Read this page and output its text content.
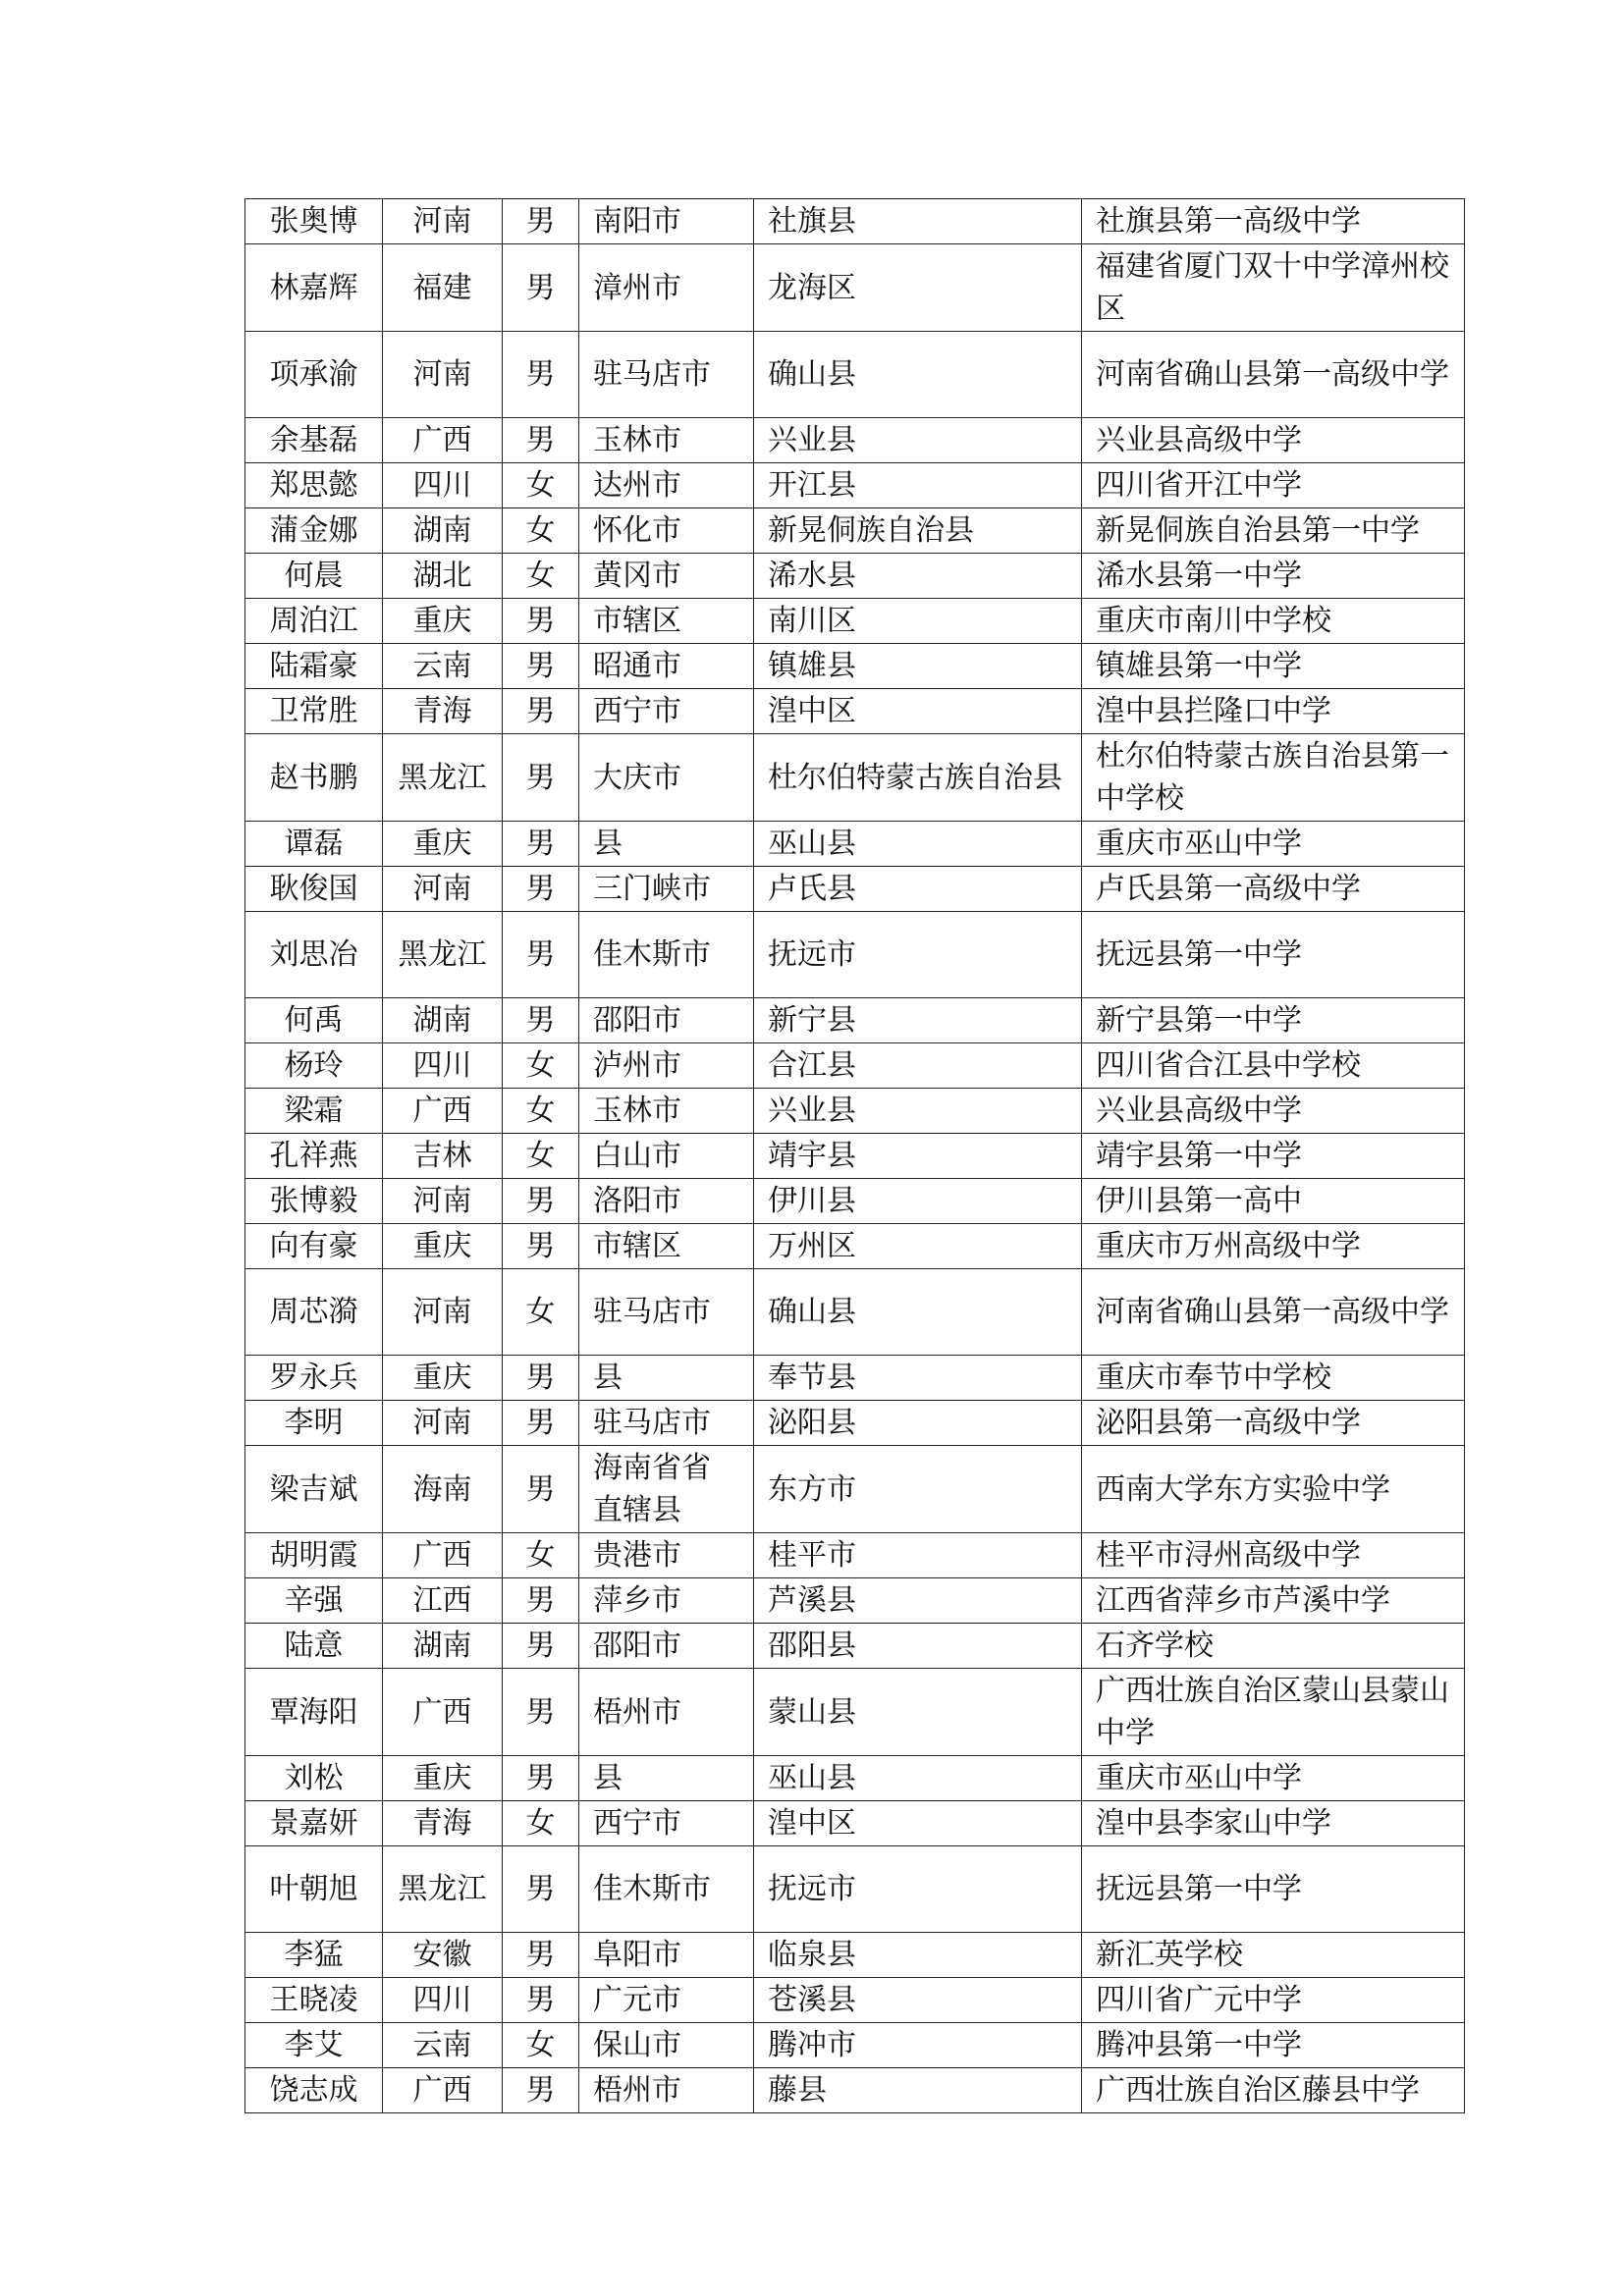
张奥博	河南	男	南阳市	社旗县	社旗县第一高级中学
林嘉辉	福建	男	漳州市	龙海区	福建省厦门双十中学漳州校区
项承渝	河南	男	驻马店市	确山县	河南省确山县第一高级中学
余基磊	广西	男	玉林市	兴业县	兴业县高级中学
郑思懿	四川	女	达州市	开江县	四川省开江中学
蒲金娜	湖南	女	怀化市	新晃侗族自治县	新晃侗族自治县第一中学
何晨	湖北	女	黄冈市	浠水县	浠水县第一中学
周泊江	重庆	男	市辖区	南川区	重庆市南川中学校
陆霜豪	云南	男	昭通市	镇雄县	镇雄县第一中学
卫常胜	青海	男	西宁市	湟中区	湟中县拦隆口中学
赵书鹏	黑龙江	男	大庆市	杜尔伯特蒙古族自治县	杜尔伯特蒙古族自治县第一中学校
谭磊	重庆	男	县	巫山县	重庆市巫山中学
耿俊国	河南	男	三门峡市	卢氏县	卢氏县第一高级中学
刘思冶	黑龙江	男	佳木斯市	抚远市	抚远县第一中学
何禹	湖南	男	邵阳市	新宁县	新宁县第一中学
杨玲	四川	女	泸州市	合江县	四川省合江县中学校
梁霜	广西	女	玉林市	兴业县	兴业县高级中学
孔祥燕	吉林	女	白山市	靖宇县	靖宇县第一中学
张博毅	河南	男	洛阳市	伊川县	伊川县第一高中
向有豪	重庆	男	市辖区	万州区	重庆市万州高级中学
周芯漪	河南	女	驻马店市	确山县	河南省确山县第一高级中学
罗永兵	重庆	男	县	奉节县	重庆市奉节中学校
李明	河南	男	驻马店市	泌阳县	泌阳县第一高级中学
梁吉斌	海南	男	海南省省直辖县	东方市	西南大学东方实验中学
胡明霞	广西	女	贵港市	桂平市	桂平市浔州高级中学
辛强	江西	男	萍乡市	芦溪县	江西省萍乡市芦溪中学
陆意	湖南	男	邵阳市	邵阳县	石齐学校
覃海阳	广西	男	梧州市	蒙山县	广西壮族自治区蒙山县蒙山中学
刘松	重庆	男	县	巫山县	重庆市巫山中学
景嘉妍	青海	女	西宁市	湟中区	湟中县李家山中学
叶朝旭	黑龙江	男	佳木斯市	抚远市	抚远县第一中学
李猛	安徽	男	阜阳市	临泉县	新汇英学校
王晓凌	四川	男	广元市	苍溪县	四川省广元中学
李艾	云南	女	保山市	腾冲市	腾冲县第一中学
饶志成	广西	男	梧州市	藤县	广西壮族自治区藤县中学
